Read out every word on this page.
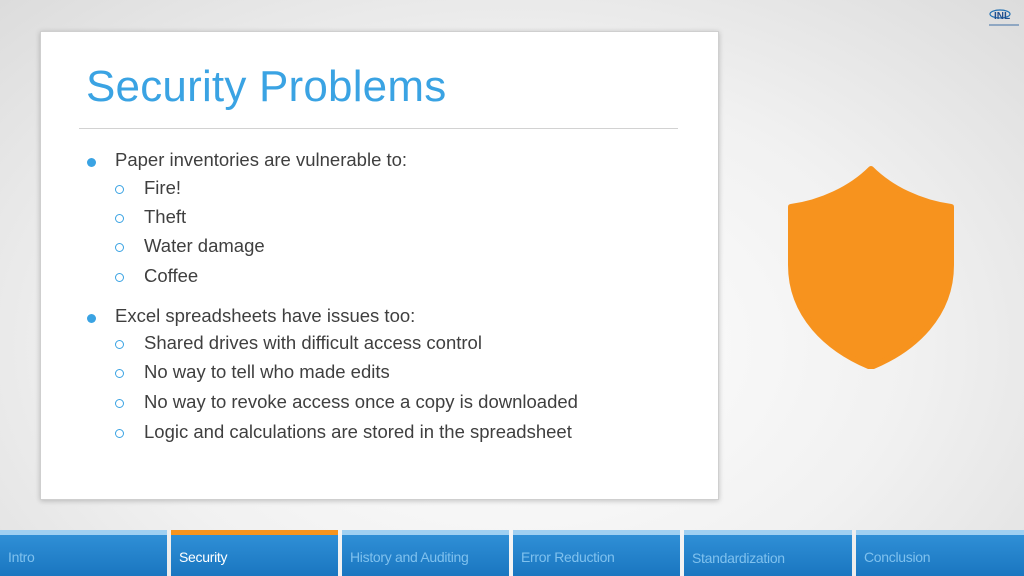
INL
Security Problems
Paper inventories are vulnerable to:
Fire!
Theft
Water damage
Coffee
Excel spreadsheets have issues too:
Shared drives with difficult access control
No way to tell who made edits
No way to revoke access once a copy is downloaded
Logic and calculations are stored in the spreadsheet
Intro	Security	History and Auditing	Error Reduction	Standardization	Conclusion
